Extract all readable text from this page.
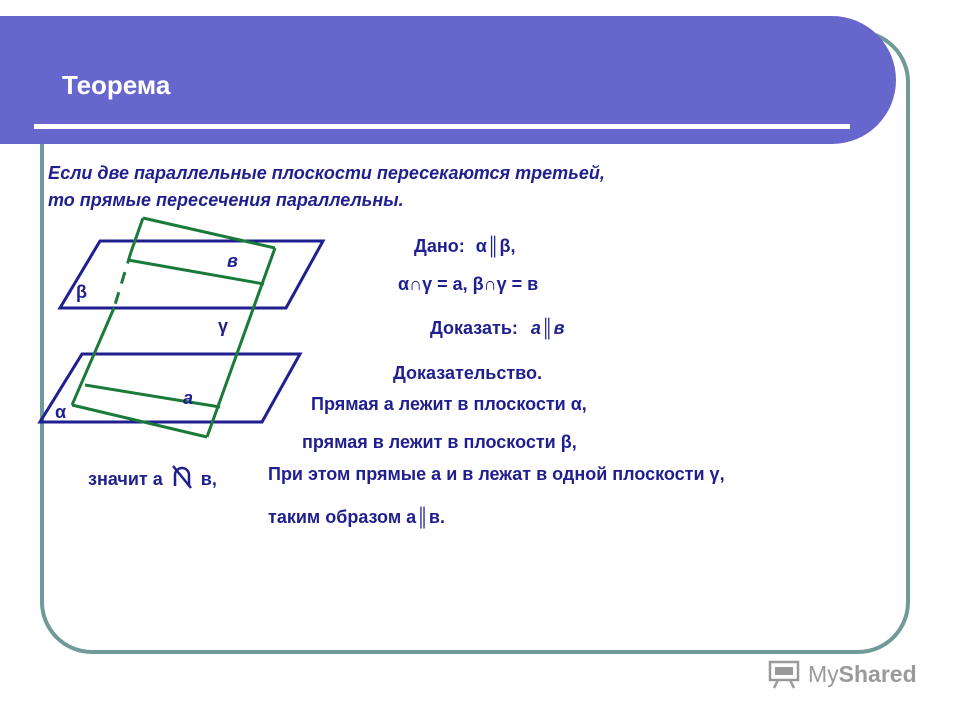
Теорема
Если две параллельные плоскости пересекаются третьей,
то прямые пересечения параллельны.
β
α
γ
в
а
Дано: α║β,
α∩γ = а, β∩γ = в
Доказать: а║в
Доказательство.
Прямая а лежит в плоскости α,
прямая в лежит в плоскости β,
значит а в,	При этом прямые а и в лежат в одной плоскости γ,
таким образом а║в.
MyShared
